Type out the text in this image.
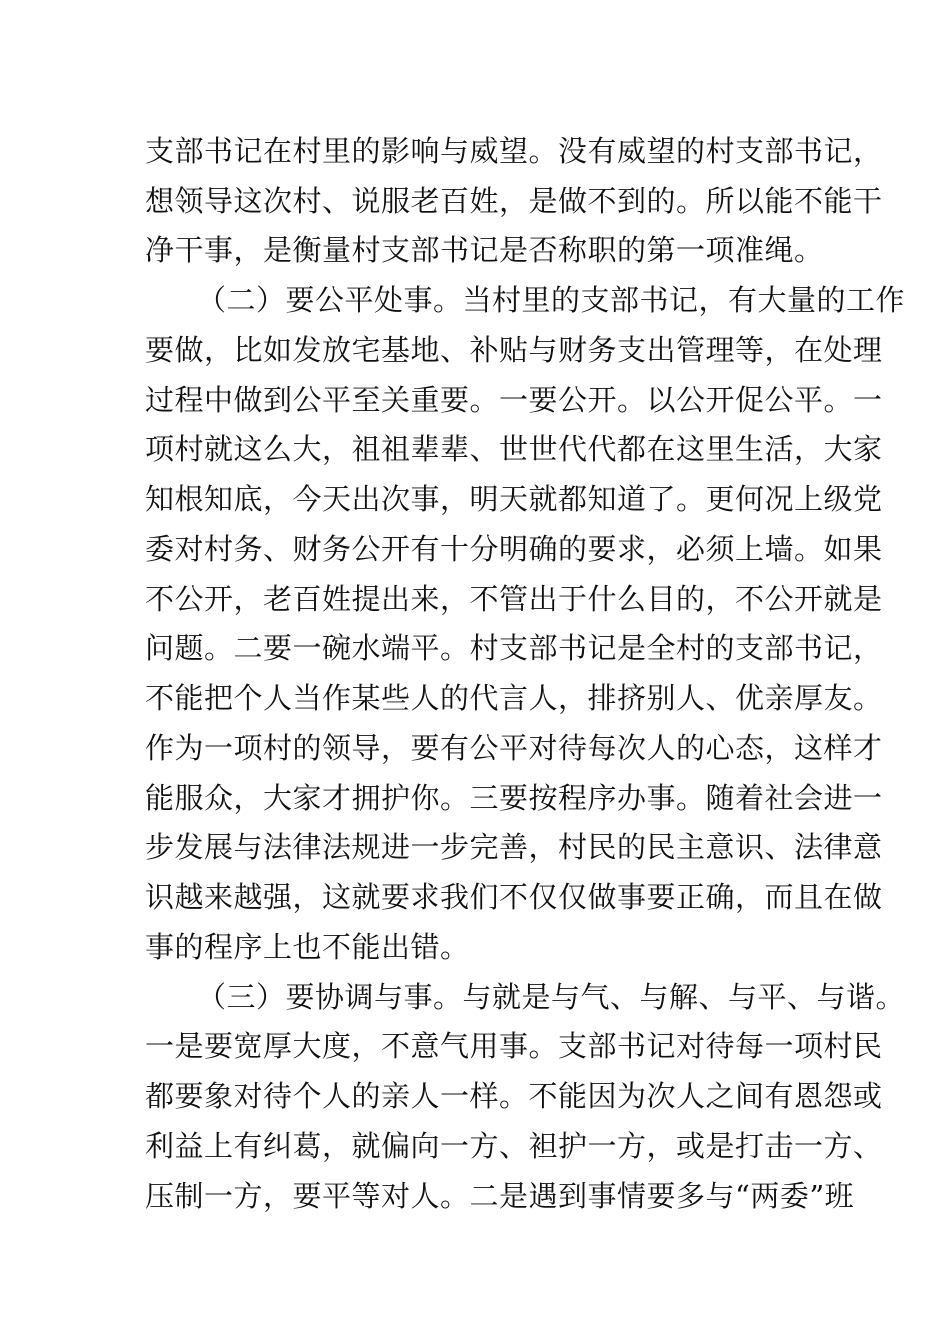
支部书记在村里的影响与威望。没有威望的村支部书记，
想领导这次村、说服老百姓，是做不到的。所以能不能干
净干事，是衡量村支部书记是否称职的第一项准绳。
（二）要公平处事。当村里的支部书记，有大量的工作
要做，比如发放宅基地、补贴与财务支出管理等，在处理
过程中做到公平至关重要。一要公开。以公开促公平。一
项村就这么大，祖祖辈辈、世世代代都在这里生活，大家
知根知底，今天出次事，明天就都知道了。更何况上级党
委对村务、财务公开有十分明确的要求，必须上墙。如果
不公开，老百姓提出来，不管出于什么目的，不公开就是
问题。二要一碗水端平。村支部书记是全村的支部书记，
不能把个人当作某些人的代言人，排挤别人、优亲厚友。
作为一项村的领导，要有公平对待每次人的心态，这样才
能服众，大家才拥护你。三要按程序办事。随着社会进一
步发展与法律法规进一步完善，村民的民主意识、法律意
识越来越强，这就要求我们不仅仅做事要正确，而且在做
事的程序上也不能出错。
（三）要协调与事。与就是与气、与解、与平、与谐。
一是要宽厚大度，不意气用事。支部书记对待每一项村民
都要象对待个人的亲人一样。不能因为次人之间有恩怨或
利益上有纠葛，就偏向一方、袒护一方，或是打击一方、
压制一方，要平等对人。二是遇到事情要多与“两委”班
